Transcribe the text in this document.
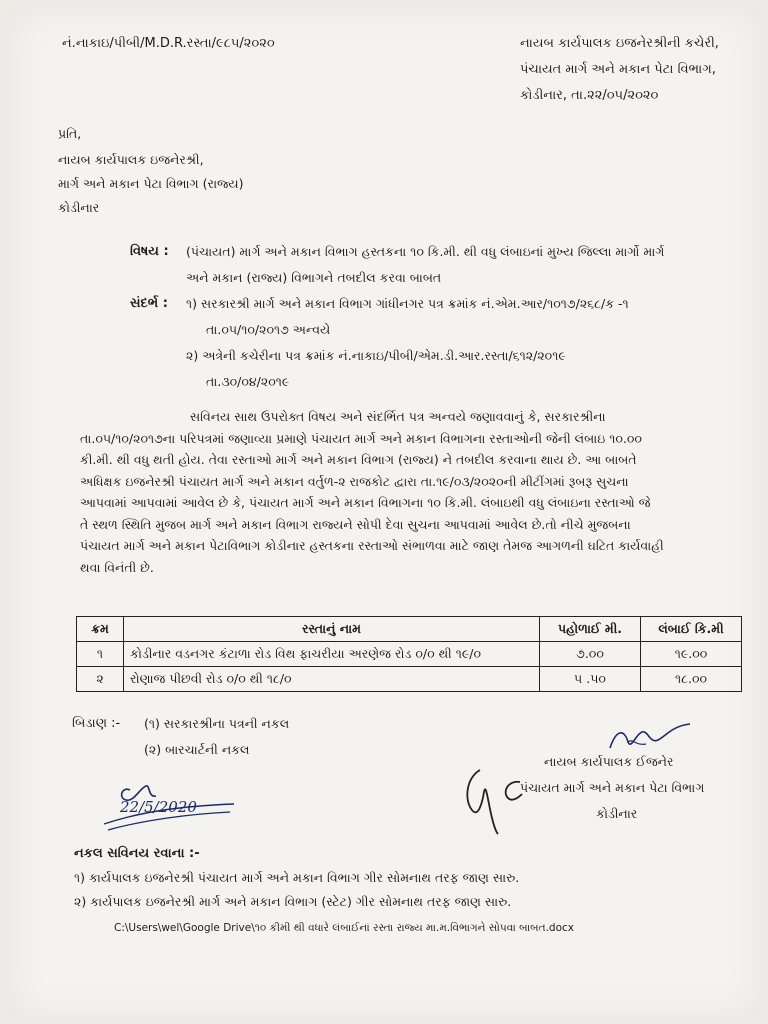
નં.નાકાઇ/પીબી/M.D.R.રસ્તા/૯૮૫/૨૦૨૦	નાયબ કાર્યપાલક ઇજનેરશ્રીની કચેરી,
પંચાયત માર્ગ અને મકાન પેટા વિભાગ,
કોડીનાર, તા.૨૨/૦૫/૨૦૨૦
પ્રતિ,
નાયબ કાર્યપાલક ઇજનેરશ્રી,
માર્ગ અને મકાન પેટા વિભાગ (રાજ્ય)
કોડીનાર
વિષય : (પંચાયત) માર્ગ અને મકાન વિભાગ હસ્તકના ૧૦ કિ.મી. થી વધુ લંબાઇનાં મુખ્ય જિલ્લા માર્ગો માર્ગ
અને મકાન (રાજ્ય) વિભાગને તબદીલ કરવા બાબત
સંદર્ભ : ૧) સરકારશ્રી માર્ગ અને મકાન વિભાગ ગાંધીનગર પત્ર ક્રમાંક નં.એમ.આર/૧૦૧૭/૨૬૮/ક -૧
તા.૦૫/૧૦/૨૦૧૭ અન્વયે
૨) અત્રેની કચેરીના પત્ર ક્રમાંક નં.નાકાઇ/પીબી/એમ.ડી.આર.રસ્તા/૬૧૨/૨૦૧૯
તા.૩૦/૦૪/૨૦૧૯
સવિનય સાથ ઉપરોક્ત વિષય અને સંદર્ભિત પત્ર અન્વયે જણાવવાનું કે, સરકારશ્રીના
તા.૦૫/૧૦/૨૦૧૭ના પરિપત્રમાં જણાવ્યા પ્રમાણે પંચાયત માર્ગ અને મકાન વિભાગના રસ્તાઓની જેની લંબાઇ ૧૦.૦૦
કી.મી. થી વધુ થતી હોય. તેવા રસ્તાઓ માર્ગ અને મકાન વિભાગ (રાજ્ય) ને તબદીલ કરવાના થાય છે. આ બાબતે
અધિક્ષક ઇજનેરશ્રી પંચાયત માર્ગ અને મકાન વર્તુળ-૨ રાજકોટ દ્વારા તા.૧૯/૦૩/૨૦૨૦ની મીટીંગમાં રૂબરૂ સુચના
આપવામાં આપવામાં આવેલ છે કે, પંચાયત માર્ગ અને મકાન વિભાગના ૧૦ કિ.મી. લંબાઇથી વધુ લંબાઇના રસ્તાઓ જે
તે સ્થળ સ્થિતિ મુજબ માર્ગ અને મકાન વિભાગ રાજ્યને સોપી દેવા સુચના આપવામાં આવેલ છે.તો નીચે મુજબના
પંચાયત માર્ગ અને મકાન પેટાવિભાગ કોડીનાર હસ્તકના રસ્તાઓ સંભાળવા માટે જાણ તેમજ આગળની ઘટિત કાર્યવાહી
થવા વિનંતી છે.
ક્રમ	રસ્તાનું નામ	પહોળાઈ મી.	લંબાઈ કિ.મી
૧	કોડીનાર વડનગર કંટાળા રોડ વિથ ફાચરીયા અરણેજ રોડ ૦/૦ થી ૧૯/૦	૭.૦૦	૧૯.૦૦
૨	રોણાજ પીછવી રોડ ૦/૦ થી ૧૮/૦	૫ .૫૦	૧૮.૦૦
બિડાણ :- (૧) સરકારશ્રીના પત્રની નકલ
(૨) બારચાર્ટની નકલ
22/5/2020
નાયબ કાર્યપાલક ઈજનેર
પંચાયત માર્ગ અને મકાન પેટા વિભાગ
કોડીનાર
નકલ સવિનય રવાના :-
૧) કાર્યપાલક ઇજનેરશ્રી પંચાયત માર્ગ અને મકાન વિભાગ ગીર સોમનાથ તરફ જાણ સારુ.
૨) કાર્યપાલક ઇજનેરશ્રી માર્ગ અને મકાન વિભાગ (સ્ટેટ) ગીર સોમનાથ તરફ જાણ સારુ.
C:\Users\wel\Google Drive\૧૦ કીમી થી વધારે લંબાઈનાં રસ્તા રાજ્ય મા.મ.વિભાગને સોપવા બાબત.docx
